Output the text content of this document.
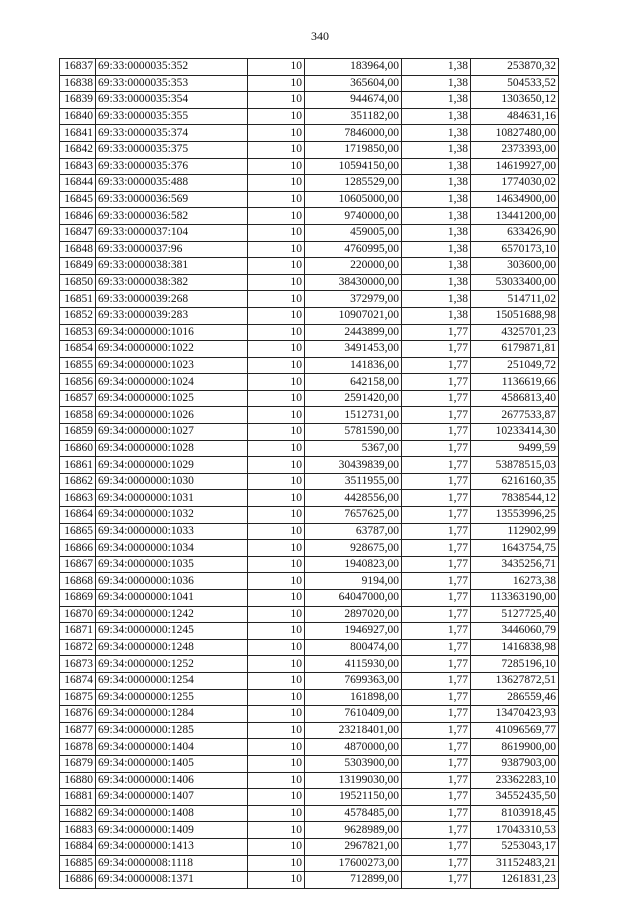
340
16837	69:33:0000035:352	10	183964,00	1,38	253870,32
16838	69:33:0000035:353	10	365604,00	1,38	504533,52
16839	69:33:0000035:354	10	944674,00	1,38	1303650,12
16840	69:33:0000035:355	10	351182,00	1,38	484631,16
16841	69:33:0000035:374	10	7846000,00	1,38	10827480,00
16842	69:33:0000035:375	10	1719850,00	1,38	2373393,00
16843	69:33:0000035:376	10	10594150,00	1,38	14619927,00
16844	69:33:0000035:488	10	1285529,00	1,38	1774030,02
16845	69:33:0000036:569	10	10605000,00	1,38	14634900,00
16846	69:33:0000036:582	10	9740000,00	1,38	13441200,00
16847	69:33:0000037:104	10	459005,00	1,38	633426,90
16848	69:33:0000037:96	10	4760995,00	1,38	6570173,10
16849	69:33:0000038:381	10	220000,00	1,38	303600,00
16850	69:33:0000038:382	10	38430000,00	1,38	53033400,00
16851	69:33:0000039:268	10	372979,00	1,38	514711,02
16852	69:33:0000039:283	10	10907021,00	1,38	15051688,98
16853	69:34:0000000:1016	10	2443899,00	1,77	4325701,23
16854	69:34:0000000:1022	10	3491453,00	1,77	6179871,81
16855	69:34:0000000:1023	10	141836,00	1,77	251049,72
16856	69:34:0000000:1024	10	642158,00	1,77	1136619,66
16857	69:34:0000000:1025	10	2591420,00	1,77	4586813,40
16858	69:34:0000000:1026	10	1512731,00	1,77	2677533,87
16859	69:34:0000000:1027	10	5781590,00	1,77	10233414,30
16860	69:34:0000000:1028	10	5367,00	1,77	9499,59
16861	69:34:0000000:1029	10	30439839,00	1,77	53878515,03
16862	69:34:0000000:1030	10	3511955,00	1,77	6216160,35
16863	69:34:0000000:1031	10	4428556,00	1,77	7838544,12
16864	69:34:0000000:1032	10	7657625,00	1,77	13553996,25
16865	69:34:0000000:1033	10	63787,00	1,77	112902,99
16866	69:34:0000000:1034	10	928675,00	1,77	1643754,75
16867	69:34:0000000:1035	10	1940823,00	1,77	3435256,71
16868	69:34:0000000:1036	10	9194,00	1,77	16273,38
16869	69:34:0000000:1041	10	64047000,00	1,77	113363190,00
16870	69:34:0000000:1242	10	2897020,00	1,77	5127725,40
16871	69:34:0000000:1245	10	1946927,00	1,77	3446060,79
16872	69:34:0000000:1248	10	800474,00	1,77	1416838,98
16873	69:34:0000000:1252	10	4115930,00	1,77	7285196,10
16874	69:34:0000000:1254	10	7699363,00	1,77	13627872,51
16875	69:34:0000000:1255	10	161898,00	1,77	286559,46
16876	69:34:0000000:1284	10	7610409,00	1,77	13470423,93
16877	69:34:0000000:1285	10	23218401,00	1,77	41096569,77
16878	69:34:0000000:1404	10	4870000,00	1,77	8619900,00
16879	69:34:0000000:1405	10	5303900,00	1,77	9387903,00
16880	69:34:0000000:1406	10	13199030,00	1,77	23362283,10
16881	69:34:0000000:1407	10	19521150,00	1,77	34552435,50
16882	69:34:0000000:1408	10	4578485,00	1,77	8103918,45
16883	69:34:0000000:1409	10	9628989,00	1,77	17043310,53
16884	69:34:0000000:1413	10	2967821,00	1,77	5253043,17
16885	69:34:0000008:1118	10	17600273,00	1,77	31152483,21
16886	69:34:0000008:1371	10	712899,00	1,77	1261831,23
